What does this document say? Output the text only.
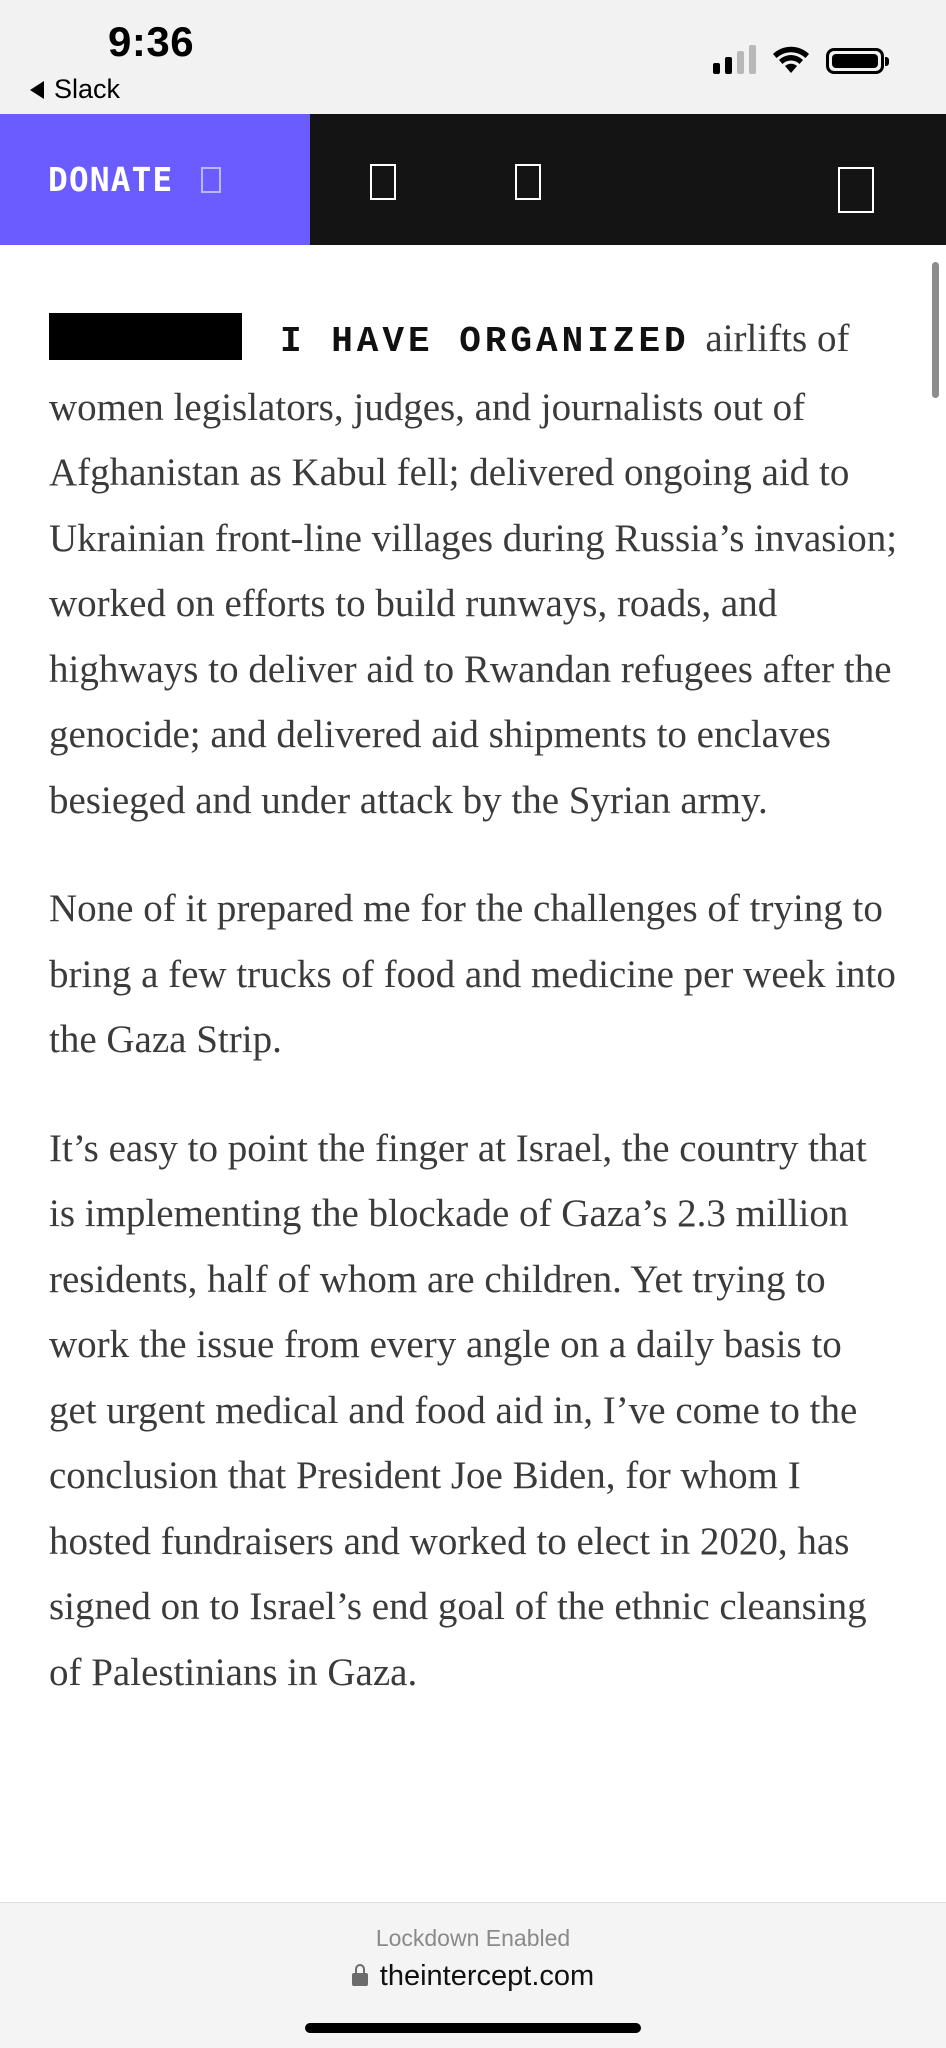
9:36
Slack
DONATE

I HAVE ORGANIZED airlifts of women legislators, judges, and journalists out of Afghanistan as Kabul fell; delivered ongoing aid to Ukrainian front-line villages during Russia’s invasion; worked on efforts to build runways, roads, and highways to deliver aid to Rwandan refugees after the genocide; and delivered aid shipments to enclaves besieged and under attack by the Syrian army.

None of it prepared me for the challenges of trying to bring a few trucks of food and medicine per week into the Gaza Strip.

It’s easy to point the finger at Israel, the country that is implementing the blockade of Gaza’s 2.3 million residents, half of whom are children. Yet trying to work the issue from every angle on a daily basis to get urgent medical and food aid in, I’ve come to the conclusion that President Joe Biden, for whom I hosted fundraisers and worked to elect in 2020, has signed on to Israel’s end goal of the ethnic cleansing of Palestinians in Gaza.

Lockdown Enabled
theintercept.com
